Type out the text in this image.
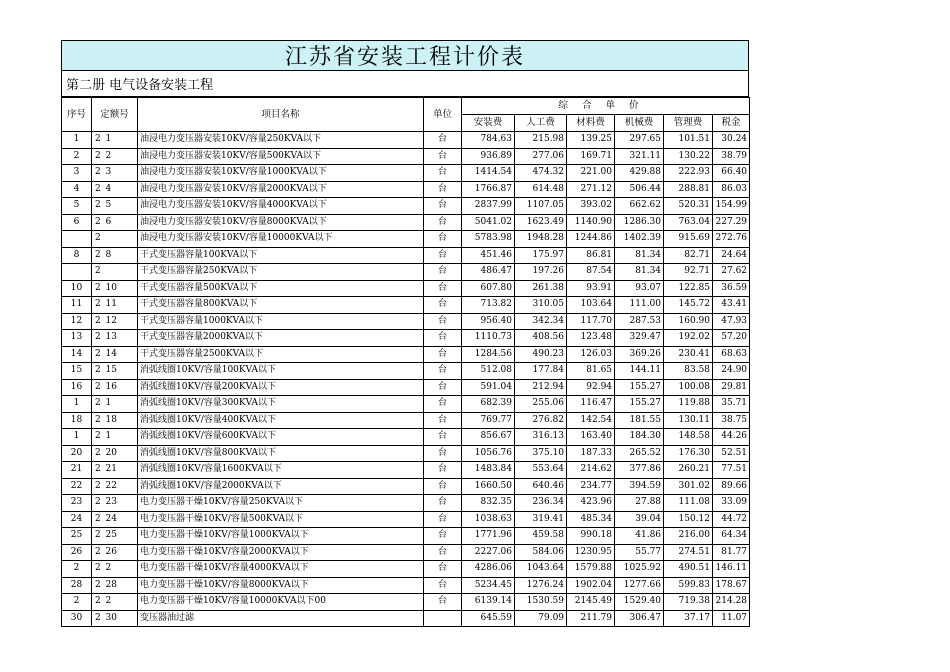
江苏省安装工程计价表
第二册 电气设备安装工程
序号	定额号		项目名称	单位	综合单价					
					安装费	人工费	材料费	机械费	管理费	税金
1	2	1	油浸电力变压器安装10KV/容量250KVA以下	台	784.63	215.98	139.25	297.65	101.51	30.24
2	2	2	油浸电力变压器安装10KV/容量500KVA以下	台	936.89	277.06	169.71	321.11	130.22	38.79
3	2	3	油浸电力变压器安装10KV/容量1000KVA以下	台	1414.54	474.32	221.00	429.88	222.93	66.40
4	2	4	油浸电力变压器安装10KV/容量2000KVA以下	台	1766.87	614.48	271.12	506.44	288.81	86.03
5	2	5	油浸电力变压器安装10KV/容量4000KVA以下	台	2837.99	1107.05	393.02	662.62	520.31	154.99
6	2	6	油浸电力变压器安装10KV/容量8000KVA以下	台	5041.02	1623.49	1140.90	1286.30	763.04	227.29
	2		油浸电力变压器安装10KV/容量10000KVA以下	台	5783.98	1948.28	1244.86	1402.39	915.69	272.76
8	2	8	干式变压器容量100KVA以下	台	451.46	175.97	86.81	81.34	82.71	24.64
	2		干式变压器容量250KVA以下	台	486.47	197.26	87.54	81.34	92.71	27.62
10	2	10	干式变压器容量500KVA以下	台	607.80	261.38	93.91	93.07	122.85	36.59
11	2	11	干式变压器容量800KVA以下	台	713.82	310.05	103.64	111.00	145.72	43.41
12	2	12	干式变压器容量1000KVA以下	台	956.40	342.34	117.70	287.53	160.90	47.93
13	2	13	干式变压器容量2000KVA以下	台	1110.73	408.56	123.48	329.47	192.02	57.20
14	2	14	干式变压器容量2500KVA以下	台	1284.56	490.23	126.03	369.26	230.41	68.63
15	2	15	消弧线圈10KV/容量100KVA以下	台	512.08	177.84	81.65	144.11	83.58	24.90
16	2	16	消弧线圈10KV/容量200KVA以下	台	591.04	212.94	92.94	155.27	100.08	29.81
1	2	1	消弧线圈10KV/容量300KVA以下	台	682.39	255.06	116.47	155.27	119.88	35.71
18	2	18	消弧线圈10KV/容量400KVA以下	台	769.77	276.82	142.54	181.55	130.11	38.75
1	2	1	消弧线圈10KV/容量600KVA以下	台	856.67	316.13	163.40	184.30	148.58	44.26
20	2	20	消弧线圈10KV/容量800KVA以下	台	1056.76	375.10	187.33	265.52	176.30	52.51
21	2	21	消弧线圈10KV/容量1600KVA以下	台	1483.84	553.64	214.62	377.86	260.21	77.51
22	2	22	消弧线圈10KV/容量2000KVA以下	台	1660.50	640.46	234.77	394.59	301.02	89.66
23	2	23	电力变压器干燥10KV/容量250KVA以下	台	832.35	236.34	423.96	27.88	111.08	33.09
24	2	24	电力变压器干燥10KV/容量500KVA以下	台	1038.63	319.41	485.34	39.04	150.12	44.72
25	2	25	电力变压器干燥10KV/容量1000KVA以下	台	1771.96	459.58	990.18	41.86	216.00	64.34
26	2	26	电力变压器干燥10KV/容量2000KVA以下	台	2227.06	584.06	1230.95	55.77	274.51	81.77
2	2	2	电力变压器干燥10KV/容量4000KVA以下	台	4286.06	1043.64	1579.88	1025.92	490.51	146.11
28	2	28	电力变压器干燥10KV/容量8000KVA以下	台	5234.45	1276.24	1902.04	1277.66	599.83	178.67
2	2	2	电力变压器干燥10KV/容量10000KVA以下00	台	6139.14	1530.59	2145.49	1529.40	719.38	214.28
30	2	30	变压器油过滤		645.59	79.09	211.79	306.47	37.17	11.07
